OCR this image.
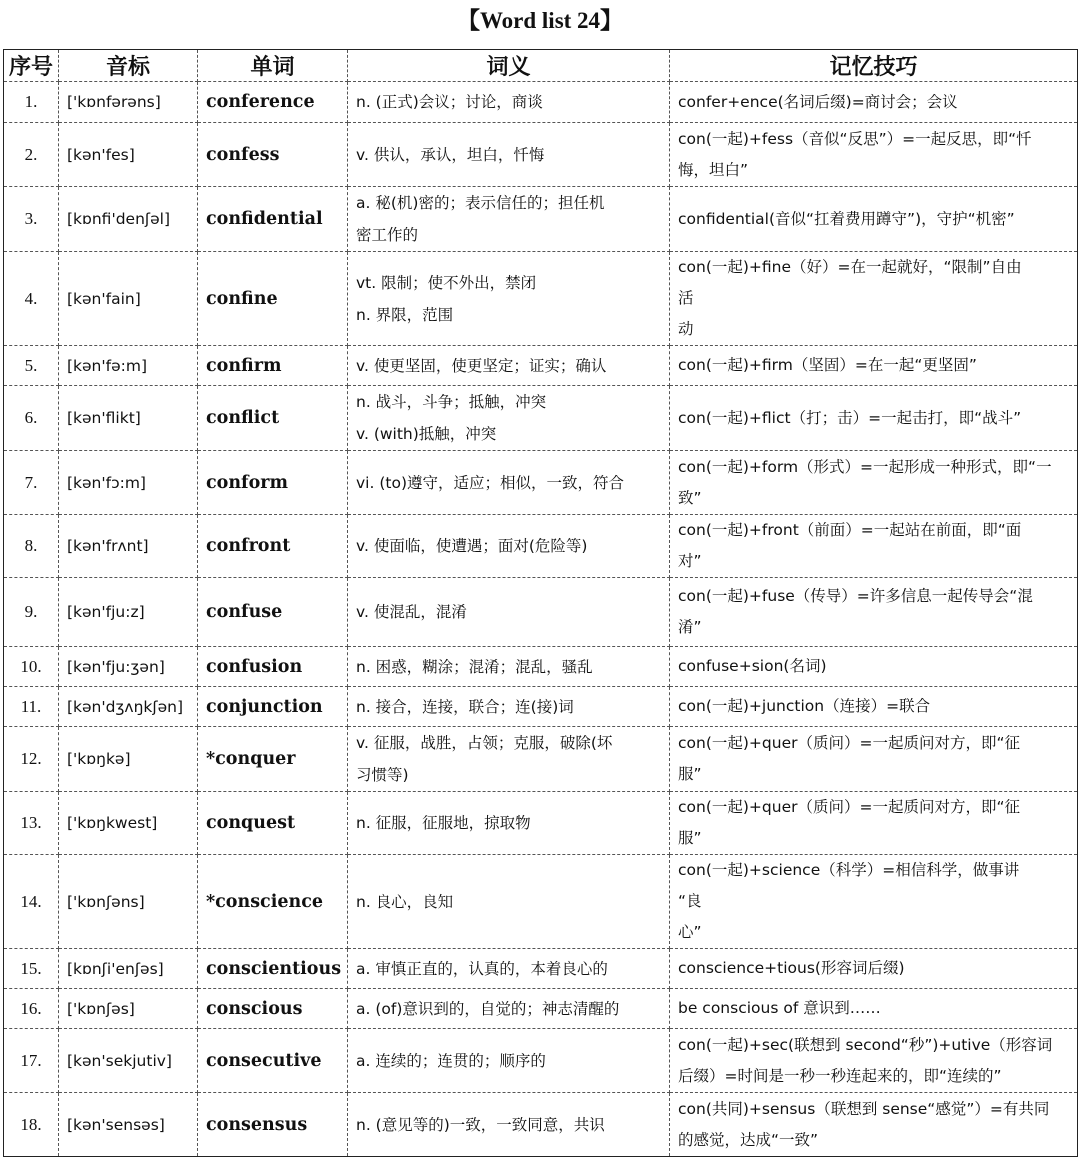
【Word list 24】
序号	音标	单词	词义	记忆技巧
1.	['kɒnfərəns]	conference	n. (正式)会议；讨论，商谈	confer+ence(名词后缀)=商讨会；会议

2.	[kən'fes]	confess	v. 供认，承认，坦白，忏悔	con(一起)+fess（音似“反思”）=一起反思，即“忏
悔，坦白”

3.	[kɒnfi'denʃəl]	confidential	a. 秘(机)密的；表示信任的；担任机
密工作的	confidential(音似“扛着费用蹲守”)，守护“机密”

4.	[kən'fain]	confine	vt. 限制；使不外出，禁闭
n. 界限，范围	con(一起)+fine（好）=在一起就好，“限制”自由
活
动

5.	[kən'fə:m]	confirm	v. 使更坚固，使更坚定；证实；确认	con(一起)+firm（坚固）=在一起“更坚固”

6.	[kən'flikt]	conflict	n. 战斗，斗争；抵触，冲突
v. (with)抵触，冲突	con(一起)+flict（打；击）=一起击打，即“战斗”

7.	[kən'fɔ:m]	conform	vi. (to)遵守，适应；相似，一致，符合	con(一起)+form（形式）=一起形成一种形式，即“一
致”

8.	[kən'frʌnt]	confront	v. 使面临，使遭遇；面对(危险等)	con(一起)+front（前面）=一起站在前面，即“面
对”

9.	[kən'fju:z]	confuse	v. 使混乱，混淆	con(一起)+fuse（传导）=许多信息一起传导会“混
淆”

10.	[kən'fju:ʒən]	confusion	n. 困惑，糊涂；混淆；混乱，骚乱	confuse+sion(名词)

11.	[kən'dʒʌŋkʃən]	conjunction	n. 接合，连接，联合；连(接)词	con(一起)+junction（连接）=联合

12.	['kɒŋkə]	*conquer	v. 征服，战胜，占领；克服，破除(坏
习惯等)	con(一起)+quer（质问）=一起质问对方，即“征
服”

13.	['kɒŋkwest]	conquest	n. 征服，征服地，掠取物	con(一起)+quer（质问）=一起质问对方，即“征
服”

14.	['kɒnʃəns]	*conscience	n. 良心，良知	con(一起)+science（科学）=相信科学，做事讲
“良
心”

15.	[kɒnʃi'enʃəs]	conscientious	a. 审慎正直的，认真的，本着良心的	conscience+tious(形容词后缀)

16.	['kɒnʃəs]	conscious	a. (of)意识到的，自觉的；神志清醒的	be conscious of 意识到……

17.	[kən'sekjutiv]	consecutive	a. 连续的；连贯的；顺序的	con(一起)+sec(联想到 second“秒”)+utive（形容词
后缀）=时间是一秒一秒连起来的，即“连续的”

18.	[kən'sensəs]	consensus	n. (意见等的)一致，一致同意，共识	con(共同)+sensus（联想到 sense“感觉”）=有共同
的感觉，达成“一致”
